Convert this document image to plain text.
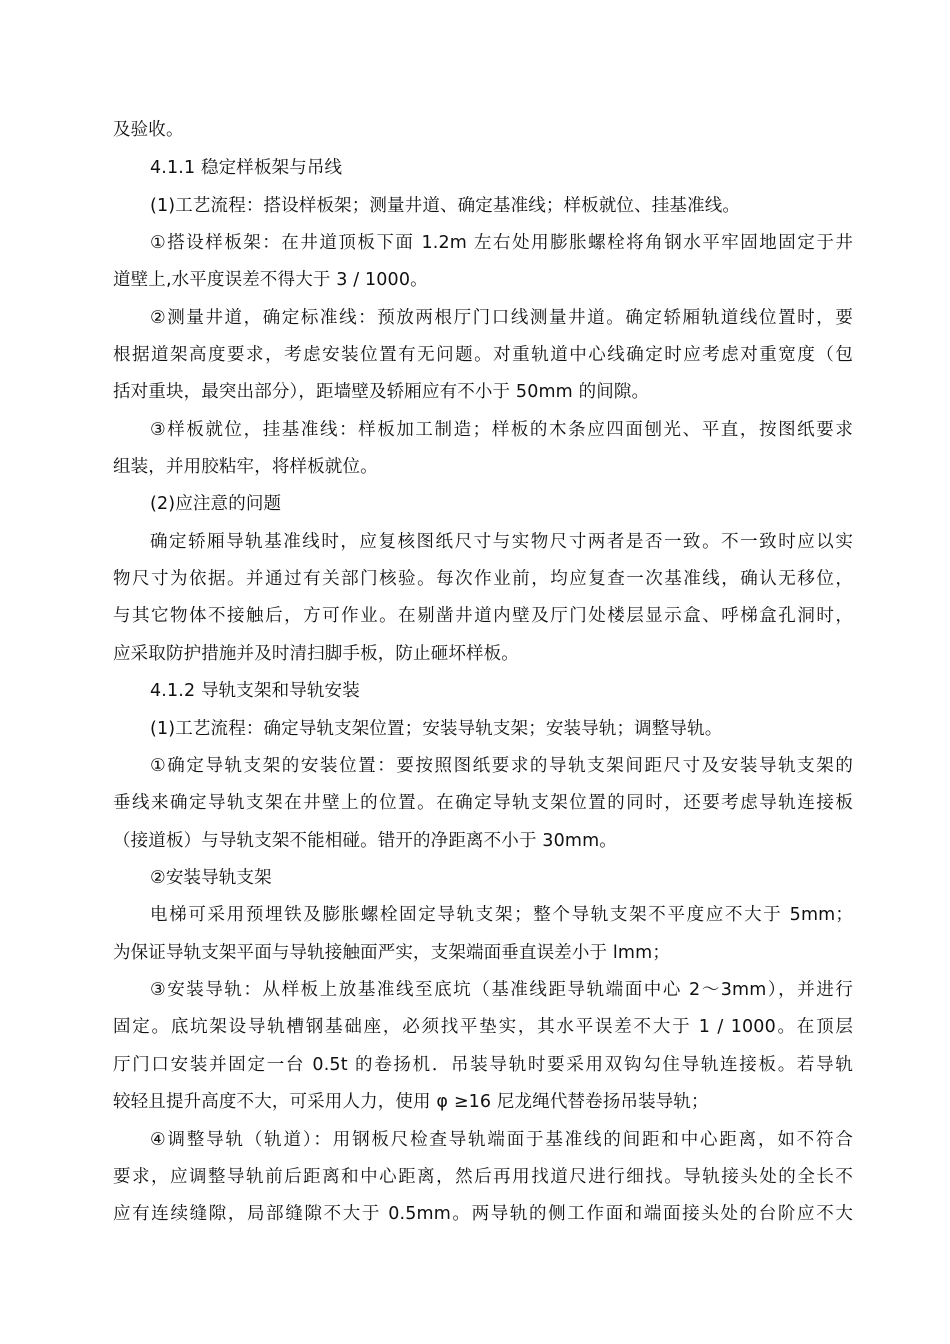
及验收。
4.1.1 稳定样板架与吊线
(1)工艺流程：搭设样板架；测量井道、确定基准线；样板就位、挂基准线。
①搭设样板架：在井道顶板下面 1.2m 左右处用膨胀螺栓将角钢水平牢固地固定于井
道壁上,水平度误差不得大于 3 / 1000。
②测量井道，确定标准线：预放两根厅门口线测量井道。确定轿厢轨道线位置时，要
根据道架高度要求，考虑安装位置有无问题。对重轨道中心线确定时应考虑对重宽度（包
括对重块，最突出部分），距墙壁及轿厢应有不小于 50mm 的间隙。
③样板就位，挂基准线：样板加工制造；样板的木条应四面刨光、平直，按图纸要求
组装，并用胶粘牢，将样板就位。
(2)应注意的问题
确定轿厢导轨基准线时，应复核图纸尺寸与实物尺寸两者是否一致。不一致时应以实
物尺寸为依据。并通过有关部门核验。每次作业前，均应复查一次基准线，确认无移位，
与其它物体不接触后，方可作业。在剔凿井道内壁及厅门处楼层显示盒、呼梯盒孔洞时，
应采取防护措施并及时清扫脚手板，防止砸坏样板。
4.1.2 导轨支架和导轨安装
(1)工艺流程：确定导轨支架位置；安装导轨支架；安装导轨；调整导轨。
①确定导轨支架的安装位置：要按照图纸要求的导轨支架间距尺寸及安装导轨支架的
垂线来确定导轨支架在井壁上的位置。在确定导轨支架位置的同时，还要考虑导轨连接板
（接道板）与导轨支架不能相碰。错开的净距离不小于 30mm。
②安装导轨支架
电梯可采用预埋铁及膨胀螺栓固定导轨支架；整个导轨支架不平度应不大于 5mm；
为保证导轨支架平面与导轨接触面严实，支架端面垂直误差小于 lmm；
③安装导轨：从样板上放基准线至底坑（基准线距导轨端面中心 2～3mm），并进行
固定。底坑架设导轨槽钢基础座，必须找平垫实，其水平误差不大于 1 / 1000。在顶层
厅门口安装并固定一台 0.5t 的卷扬机．吊装导轨时要采用双钩勾住导轨连接板。若导轨
较轻且提升高度不大，可采用人力，使用 φ ≥16 尼龙绳代替卷扬吊装导轨；
④调整导轨（轨道）：用钢板尺检查导轨端面于基准线的间距和中心距离，如不符合
要求，应调整导轨前后距离和中心距离，然后再用找道尺进行细找。导轨接头处的全长不
应有连续缝隙，局部缝隙不大于 0.5mm。两导轨的侧工作面和端面接头处的台阶应不大
